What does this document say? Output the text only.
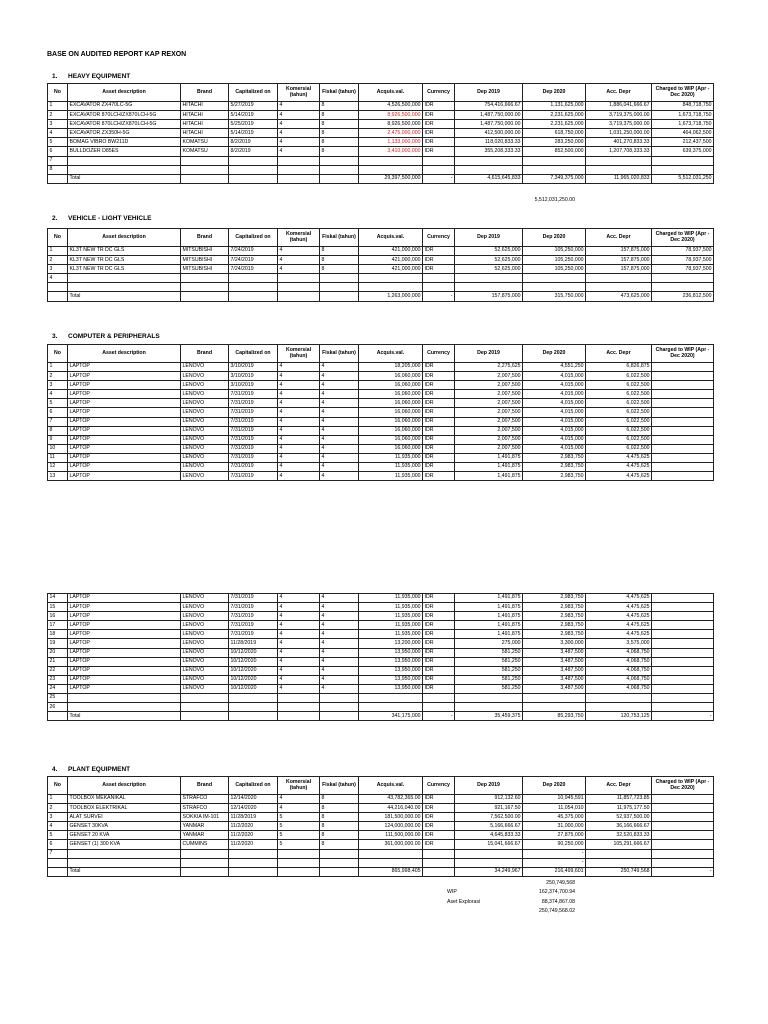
BASE ON AUDITED REPORT KAP REXON
1. HEAVY EQUIPMENT
No	Asset description	Brand	Capitalized on	Komersial (tahun)	Fiskal (tahun)	Acquis.val.	Currency	Dep 2019	Dep 2020	Acc. Depr	Charged to WIP (Apr - Dec 2020)
1	EXCAVATOR ZX470LC-5G	HITACHI	5/27/2019	4	8	4,526,500,000	IDR	754,416,666.67	1,131,625,000	1,886,041,666.67	848,718,750
2	EXCAVATOR 870LCH/ZX870LCH-5G	HITACHI	5/14/2019	4	8	8,926,500,000	IDR	1,487,750,000.00	2,231,625,000	3,719,375,000.00	1,673,718,750
3	EXCAVATOR 870LCH/ZX870LCH-5G	HITACHI	5/25/2019	4	8	8,926,500,000	IDR	1,487,750,000.00	2,231,625,000	3,719,375,000.00	1,673,718,750
4	EXCAVATOR ZX350H-5G	HITACHI	5/14/2019	4	8	2,475,000,000	IDR	412,500,000.00	618,750,000	1,031,250,000.00	464,062,500
5	BOMAG VIBRO BW211D	KOMATSU	8/2/2019	4	8	1,133,000,000	IDR	118,020,833.33	283,250,000	401,270,833.33	212,437,500
6	BULLDOZER D85ES	KOMATSU	8/2/2019	4	8	3,410,000,000	IDR	355,208,333.33	852,500,000	1,207,708,333.33	639,375,000
7											
8											
	Total					29,397,500,000	-	4,615,645,833	7,349,375,000	11,965,020,833	5,512,031,250
5,512,031,250.00
2. VEHICLE - LIGHT VEHICLE
No	Asset description	Brand	Capitalized on	Komersial (tahun)	Fiskal (tahun)	Acquis.val.	Currency	Dep 2019	Dep 2020	Acc. Depr	Charged to WIP (Apr - Dec 2020)
1	KL3T NEW TR DC GLS	MITSUBISHI	7/24/2019	4	8	421,000,000	IDR	52,625,000	105,250,000	157,875,000	78,937,500
2	KL3T NEW TR DC GLS	MITSUBISHI	7/24/2019	4	8	421,000,000	IDR	52,625,000	105,250,000	157,875,000	78,937,500
3	KL3T NEW TR DC GLS	MITSUBISHI	7/24/2019	4	8	421,000,000	IDR	52,625,000	105,250,000	157,875,000	78,937,500
4											

	Total					1,263,000,000	-	157,875,000	315,750,000	473,625,000	236,812,500
3. COMPUTER & PERIPHERALS
No	Asset description	Brand	Capitalized on	Komersial (tahun)	Fiskal (tahun)	Acquis.val.	Currency	Dep 2019	Dep 2020	Acc. Depr	Charged to WIP (Apr - Dec 2020)
1	LAPTOP	LENOVO	3/10/2019	4	4	18,205,000	IDR	2,275,625	4,551,250	6,826,875	
2	LAPTOP	LENOVO	3/10/2019	4	4	16,060,000	IDR	2,007,500	4,015,000	6,022,500	
3	LAPTOP	LENOVO	3/10/2019	4	4	16,060,000	IDR	2,007,500	4,015,000	6,022,500	
4	LAPTOP	LENOVO	7/31/2019	4	4	16,060,000	IDR	2,007,500	4,015,000	6,022,500	
5	LAPTOP	LENOVO	7/31/2019	4	4	16,060,000	IDR	2,007,500	4,015,000	6,022,500	
6	LAPTOP	LENOVO	7/31/2019	4	4	16,060,000	IDR	2,007,500	4,015,000	6,022,500	
7	LAPTOP	LENOVO	7/31/2019	4	4	16,060,000	IDR	2,007,500	4,015,000	6,022,500	
8	LAPTOP	LENOVO	7/31/2019	4	4	16,060,000	IDR	2,007,500	4,015,000	6,022,500	
9	LAPTOP	LENOVO	7/31/2019	4	4	16,060,000	IDR	2,007,500	4,015,000	6,022,500	
10	LAPTOP	LENOVO	7/31/2019	4	4	16,060,000	IDR	2,007,500	4,015,000	6,022,500	
11	LAPTOP	LENOVO	7/31/2019	4	4	11,935,000	IDR	1,491,875	2,983,750	4,475,625	
12	LAPTOP	LENOVO	7/31/2019	4	4	11,935,000	IDR	1,491,875	2,983,750	4,475,625	
13	LAPTOP	LENOVO	7/31/2019	4	4	11,935,000	IDR	1,491,875	2,983,750	4,475,625	
14	LAPTOP	LENOVO	7/31/2019	4	4	11,935,000	IDR	1,491,875	2,983,750	4,475,625	
15	LAPTOP	LENOVO	7/31/2019	4	4	11,935,000	IDR	1,491,875	2,983,750	4,475,625	
16	LAPTOP	LENOVO	7/31/2019	4	4	11,935,000	IDR	1,491,875	2,983,750	4,475,625	
17	LAPTOP	LENOVO	7/31/2019	4	4	11,935,000	IDR	1,491,875	2,983,750	4,475,625	
18	LAPTOP	LENOVO	7/31/2019	4	4	11,935,000	IDR	1,491,875	2,983,750	4,475,625	
19	LAPTOP	LENOVO	11/28/2019	4	4	13,200,000	IDR	275,000	3,300,000	3,575,000	
20	LAPTOP	LENOVO	10/12/2020	4	4	13,950,000	IDR	581,250	3,487,500	4,068,750	
21	LAPTOP	LENOVO	10/12/2020	4	4	13,950,000	IDR	581,250	3,487,500	4,068,750	
22	LAPTOP	LENOVO	10/12/2020	4	4	13,950,000	IDR	581,250	3,487,500	4,068,750	
23	LAPTOP	LENOVO	10/12/2020	4	4	13,950,000	IDR	581,250	3,487,500	4,068,750	
24	LAPTOP	LENOVO	10/12/2020	4	4	13,950,000	IDR	581,250	3,487,500	4,068,750	
25											
26											
	Total					341,175,000	-	35,459,375	85,293,750	120,753,125	-
4. PLANT EQUIPMENT
No	Asset description	Brand	Capitalized on	Komersial (tahun)	Fiskal (tahun)	Acquis.val.	Currency	Dep 2019	Dep 2020	Acc. Depr	Charged to WIP (Apr - Dec 2020)
1	TOOLBOX MEKANIKAL	STRAFCO	12/14/2020	4	8	43,782,365.00	IDR	912,132.60	10,945,591	11,857,723.85	
2	TOOLBOX ELEKTRIKAL	STRAFCO	12/14/2020	4	8	44,216,040.00	IDR	921,167.50	11,054,010	11,975,177.50	
3	ALAT SURVEI	SOKKIA IM-101	11/28/2019	5	8	181,500,000.00	IDR	7,562,500.00	45,375,000	52,937,500.00	
4	GENSET 30KVA	YANMAR	11/2/2020	5	8	124,000,000.00	IDR	5,166,666.67	31,000,000	36,166,666.67	
5	GENSET 20 KVA	YANMAR	11/2/2020	5	8	111,500,000.00	IDR	4,645,833.33	27,875,000	32,520,833.33	
6	GENSET (1) 300 KVA	CUMMINS	11/2/2020	5	8	361,000,000.00	IDR	15,041,666.67	90,250,000	105,291,666.67	
7									-		
									-		
	Total					865,998,405		34,249,967	216,499,601	250,749,568	-
250,749,568
WIP	162,374,700.94
Aset Explorasi	88,374,867.08
250,749,568.02
